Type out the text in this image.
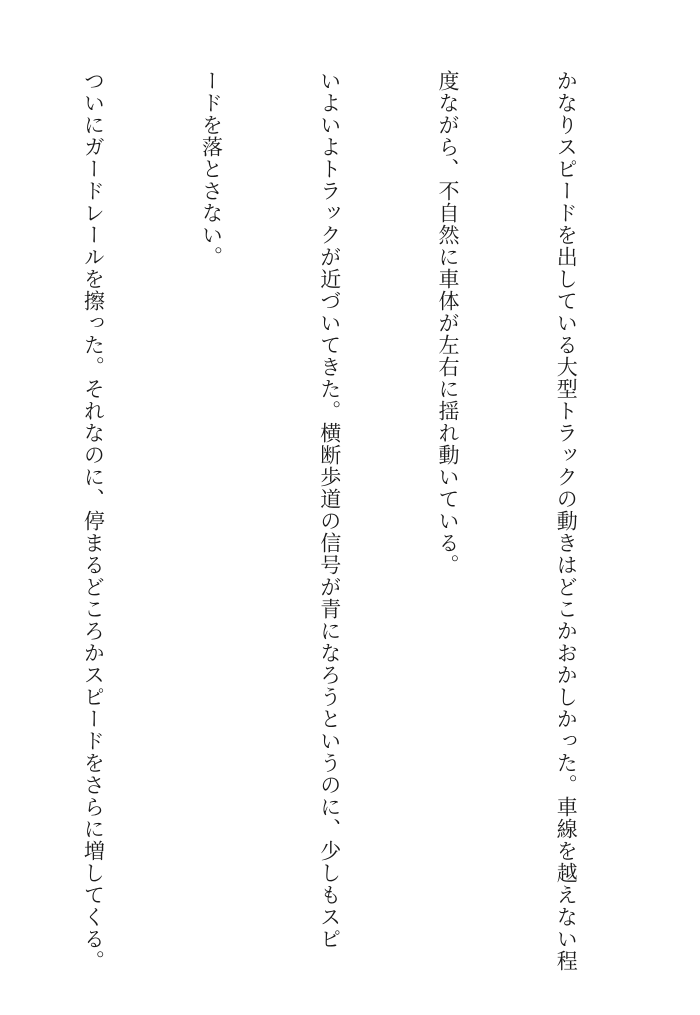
かなりスピードを出している大型トラックの動きはどこかおかしかった。車線を越えない程

度ながら、不自然に車体が左右に揺れ動いている。

いよいよトラックが近づいてきた。横断歩道の信号が青になろうというのに、少しもスピ

ードを落とさない。

ついにガードレールを擦った。それなのに、停まるどころかスピードをさらに増してくる。
